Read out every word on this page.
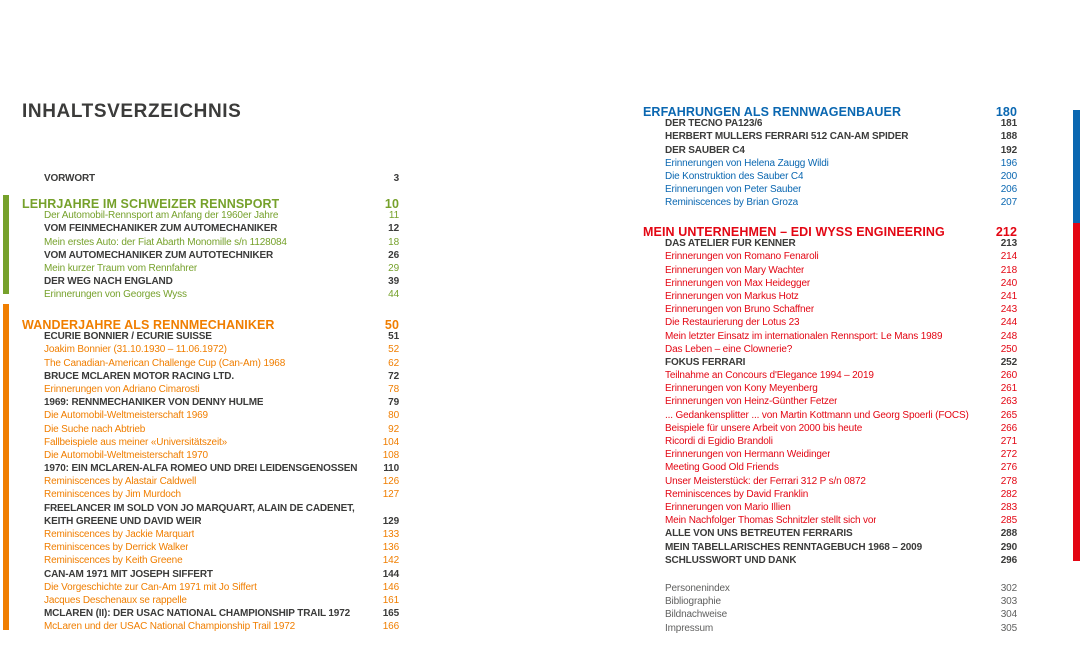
INHALTSVERZEICHNIS
VORWORT	3
LEHRJAHRE IM SCHWEIZER RENNSPORT	10
Der Automobil-Rennsport am Anfang der 1960er Jahre	11
VOM FEINMECHANIKER ZUM AUTOMECHANIKER	12
Mein erstes Auto: der Fiat Abarth Monomille s/n 1128084	18
VOM AUTOMECHANIKER ZUM AUTOTECHNIKER	26
Mein kurzer Traum vom Rennfahrer	29
DER WEG NACH ENGLAND	39
Erinnerungen von Georges Wyss	44
WANDERJAHRE ALS RENNMECHANIKER	50
ECURIE BONNIER / ECURIE SUISSE	51
Joakim Bonnier (31.10.1930 – 11.06.1972)	52
The Canadian-American Challenge Cup (Can-Am) 1968	62
BRUCE MCLAREN MOTOR RACING LTD.	72
Erinnerungen von Adriano Cimarosti	78
1969: RENNMECHANIKER VON DENNY HULME	79
Die Automobil-Weltmeisterschaft 1969	80
Die Suche nach Abtrieb	92
Fallbeispiele aus meiner «Universitätszeit»	104
Die Automobil-Weltmeisterschaft 1970	108
1970: EIN MCLAREN-ALFA ROMEO UND DREI LEIDENSGENOSSEN	110
Reminiscences by Alastair Caldwell	126
Reminiscences by Jim Murdoch	127
FREELANCER IM SOLD VON JO MARQUART, ALAIN DE CADENET,
KEITH GREENE UND DAVID WEIR	129
Reminiscences by Jackie Marquart	133
Reminiscences by Derrick Walker	136
Reminiscences by Keith Greene	142
CAN-AM 1971 MIT JOSEPH SIFFERT	144
Die Vorgeschichte zur Can-Am 1971 mit Jo Siffert	146
Jacques Deschenaux se rappelle	161
MCLAREN (II): DER USAC NATIONAL CHAMPIONSHIP TRAIL 1972	165
McLaren und der USAC National Championship Trail 1972	166
ERFAHRUNGEN ALS RENNWAGENBAUER	180
DER TECNO PA123/6	181
HERBERT MÜLLERS FERRARI 512 CAN-AM SPIDER	188
DER SAUBER C4	192
Erinnerungen von Helena Zaugg Wildi	196
Die Konstruktion des Sauber C4	200
Erinnerungen von Peter Sauber	206
Reminiscences by Brian Groza	207
MEIN UNTERNEHMEN – EDI WYSS ENGINEERING	212
DAS ATELIER FÜR KENNER	213
Erinnerungen von Romano Fenaroli	214
Erinnerungen von Mary Wachter	218
Erinnerungen von Max Heidegger	240
Erinnerungen von Markus Hotz	241
Erinnerungen von Bruno Schaffner	243
Die Restaurierung der Lotus 23	244
Mein letzter Einsatz im internationalen Rennsport: Le Mans 1989	248
Das Leben – eine Clownerie?	250
FOKUS FERRARI	252
Teilnahme an Concours d'Elegance 1994 – 2019	260
Erinnerungen von Kony Meyenberg	261
Erinnerungen von Heinz-Günther Fetzer	263
... Gedankensplitter ... von Martin Kottmann und Georg Spoerli (FOCS)	265
Beispiele für unsere Arbeit von 2000 bis heute	266
Ricordi di Egidio Brandoli	271
Erinnerungen von Hermann Weidinger	272
Meeting Good Old Friends	276
Unser Meisterstück: der Ferrari 312 P s/n 0872	278
Reminiscences by David Franklin	282
Erinnerungen von Mario Illien	283
Mein Nachfolger Thomas Schnitzler stellt sich vor	285
ALLE VON UNS BETREUTEN FERRARIS	288
MEIN TABELLARISCHES RENNTAGEBUCH 1968 – 2009	290
SCHLUSSWORT UND DANK	296
Personenindex	302
Bibliographie	303
Bildnachweise	304
Impressum	305
